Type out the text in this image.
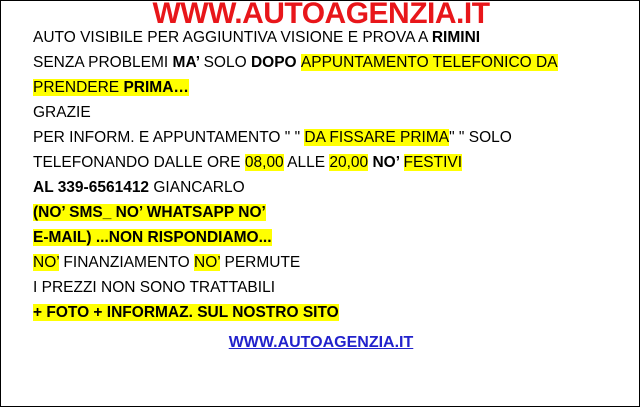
WWW.AUTOAGENZIA.IT
AUTO VISIBILE PER AGGIUNTIVA VISIONE E PROVA A RIMINI
SENZA PROBLEMI MA’ SOLO DOPO APPUNTAMENTO TELEFONICO DA
PRENDERE PRIMA…
GRAZIE
PER INFORM. E APPUNTAMENTO " " DA FISSARE PRIMA" " SOLO
TELEFONANDO DALLE ORE 08,00 ALLE 20,00 NO’ FESTIVI
AL 339-6561412 GIANCARLO
(NO’ SMS_ NO’ WHATSAPP NO’
E-MAIL) ...NON RISPONDIAMO...
NO’ FINANZIAMENTO NO’ PERMUTE
I PREZZI NON SONO TRATTABILI
+ FOTO + INFORMAZ. SUL NOSTRO SITO
WWW.AUTOAGENZIA.IT
